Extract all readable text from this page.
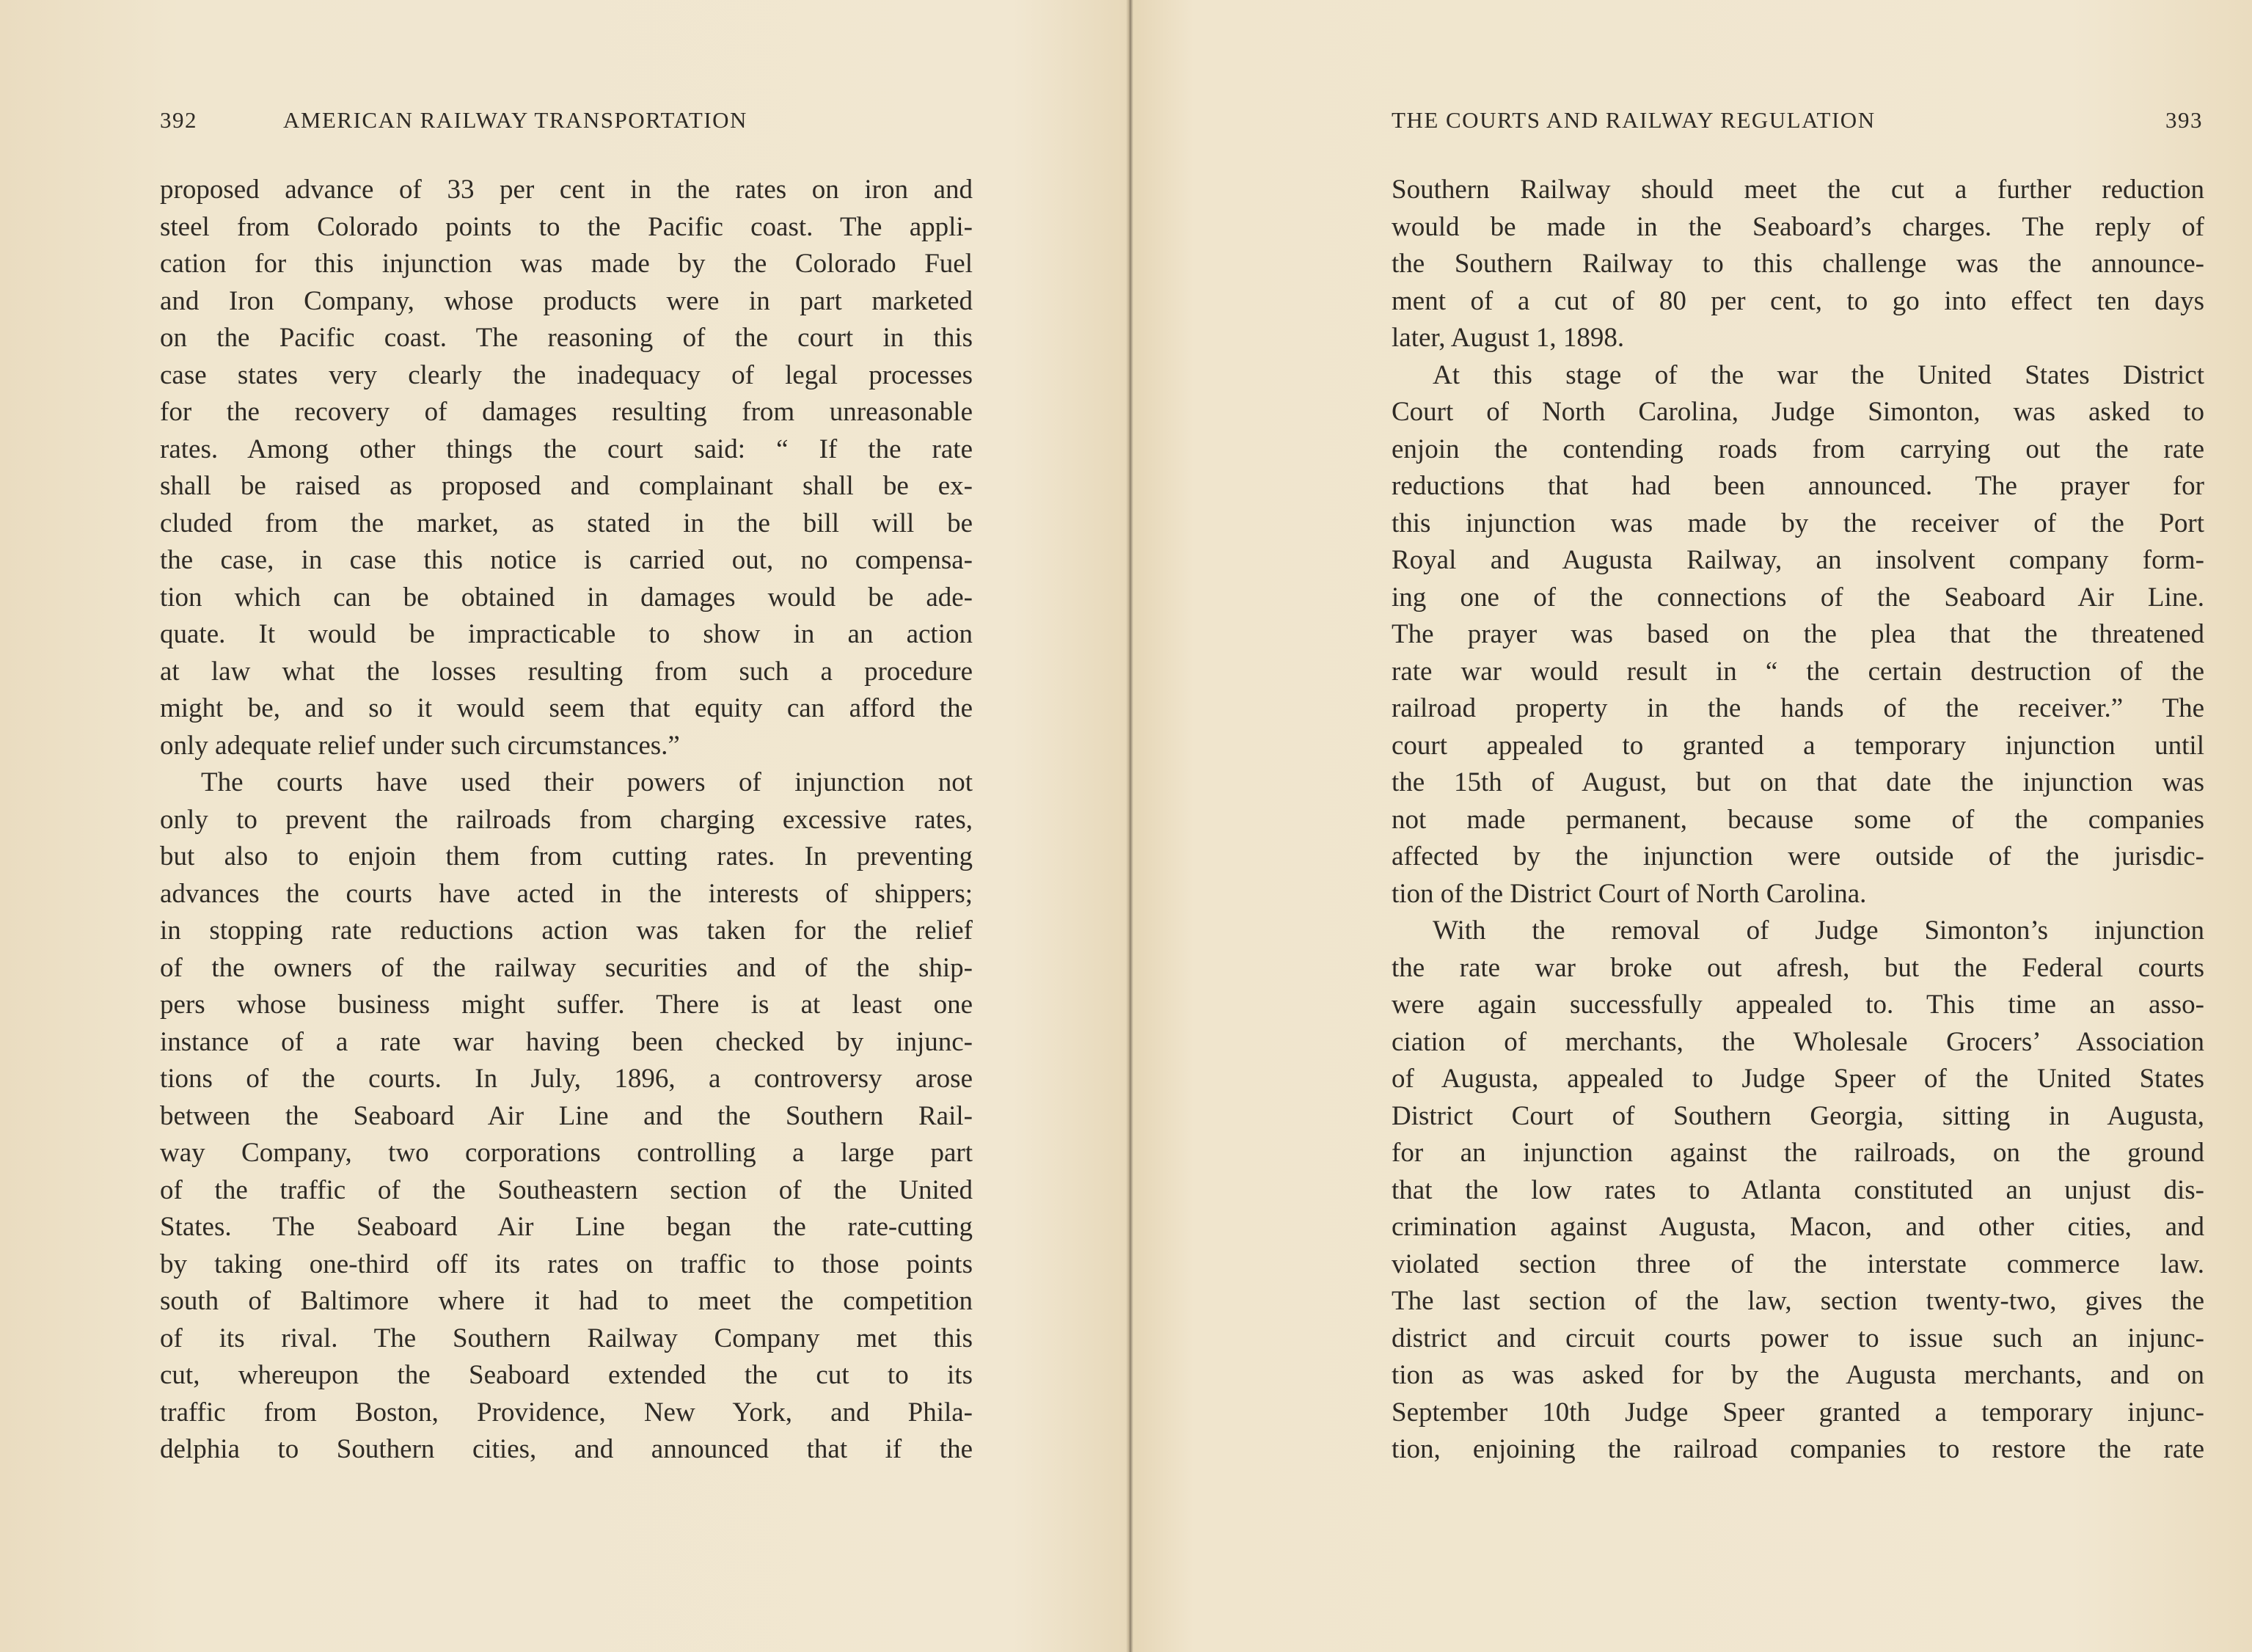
392	AMERICAN RAILWAY TRANSPORTATION
proposed advance of 33 per cent in the rates on iron and
steel from Colorado points to the Pacific coast. The appli-
cation for this injunction was made by the Colorado Fuel
and Iron Company, whose products were in part marketed
on the Pacific coast. The reasoning of the court in this
case states very clearly the inadequacy of legal processes
for the recovery of damages resulting from unreasonable
rates. Among other things the court said: “ If the rate
shall be raised as proposed and complainant shall be ex-
cluded from the market, as stated in the bill will be
the case, in case this notice is carried out, no compensa-
tion which can be obtained in damages would be ade-
quate. It would be impracticable to show in an action
at law what the losses resulting from such a procedure
might be, and so it would seem that equity can afford the
only adequate relief under such circumstances.”
The courts have used their powers of injunction not
only to prevent the railroads from charging excessive rates,
but also to enjoin them from cutting rates. In preventing
advances the courts have acted in the interests of shippers;
in stopping rate reductions action was taken for the relief
of the owners of the railway securities and of the ship-
pers whose business might suffer. There is at least one
instance of a rate war having been checked by injunc-
tions of the courts. In July, 1896, a controversy arose
between the Seaboard Air Line and the Southern Rail-
way Company, two corporations controlling a large part
of the traffic of the Southeastern section of the United
States. The Seaboard Air Line began the rate-cutting
by taking one-third off its rates on traffic to those points
south of Baltimore where it had to meet the competition
of its rival. The Southern Railway Company met this
cut, whereupon the Seaboard extended the cut to its
traffic from Boston, Providence, New York, and Phila-
delphia to Southern cities, and announced that if the
THE COURTS AND RAILWAY REGULATION	393
Southern Railway should meet the cut a further reduction
would be made in the Seaboard’s charges. The reply of
the Southern Railway to this challenge was the announce-
ment of a cut of 80 per cent, to go into effect ten days
later, August 1, 1898.
At this stage of the war the United States District
Court of North Carolina, Judge Simonton, was asked to
enjoin the contending roads from carrying out the rate
reductions that had been announced. The prayer for
this injunction was made by the receiver of the Port
Royal and Augusta Railway, an insolvent company form-
ing one of the connections of the Seaboard Air Line.
The prayer was based on the plea that the threatened
rate war would result in “ the certain destruction of the
railroad property in the hands of the receiver.” The
court appealed to granted a temporary injunction until
the 15th of August, but on that date the injunction was
not made permanent, because some of the companies
affected by the injunction were outside of the jurisdic-
tion of the District Court of North Carolina.
With the removal of Judge Simonton’s injunction
the rate war broke out afresh, but the Federal courts
were again successfully appealed to. This time an asso-
ciation of merchants, the Wholesale Grocers’ Association
of Augusta, appealed to Judge Speer of the United States
District Court of Southern Georgia, sitting in Augusta,
for an injunction against the railroads, on the ground
that the low rates to Atlanta constituted an unjust dis-
crimination against Augusta, Macon, and other cities, and
violated section three of the interstate commerce law.
The last section of the law, section twenty-two, gives the
district and circuit courts power to issue such an injunc-
tion as was asked for by the Augusta merchants, and on
September 10th Judge Speer granted a temporary injunc-
tion, enjoining the railroad companies to restore the rate
